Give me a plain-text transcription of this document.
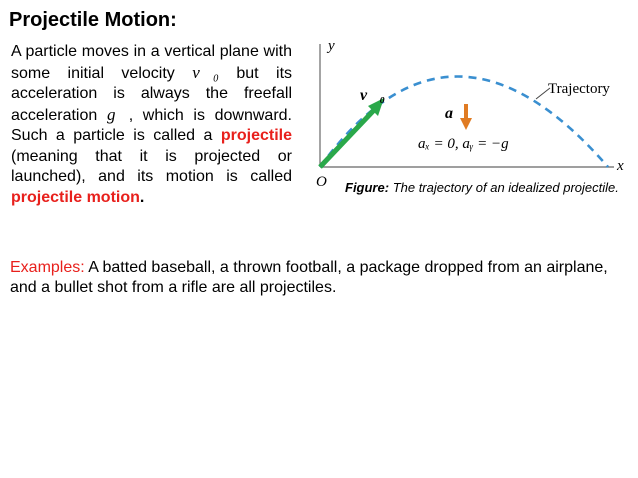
Projectile Motion:
A particle moves in a vertical plane with some initial velocity v⃗₀ but its acceleration is always the freefall acceleration g⃗, which is downward. Such a particle is called a projectile (meaning that it is projected or launched), and its motion is called projectile motion.
y
x
O
v⃗₀
a⃗
aₓ = 0, aᵧ = −g
Trajectory
Figure: The trajectory of an idealized projectile.
Examples: A batted baseball, a thrown football, a package dropped from an airplane, and a bullet shot from a rifle are all projectiles.
